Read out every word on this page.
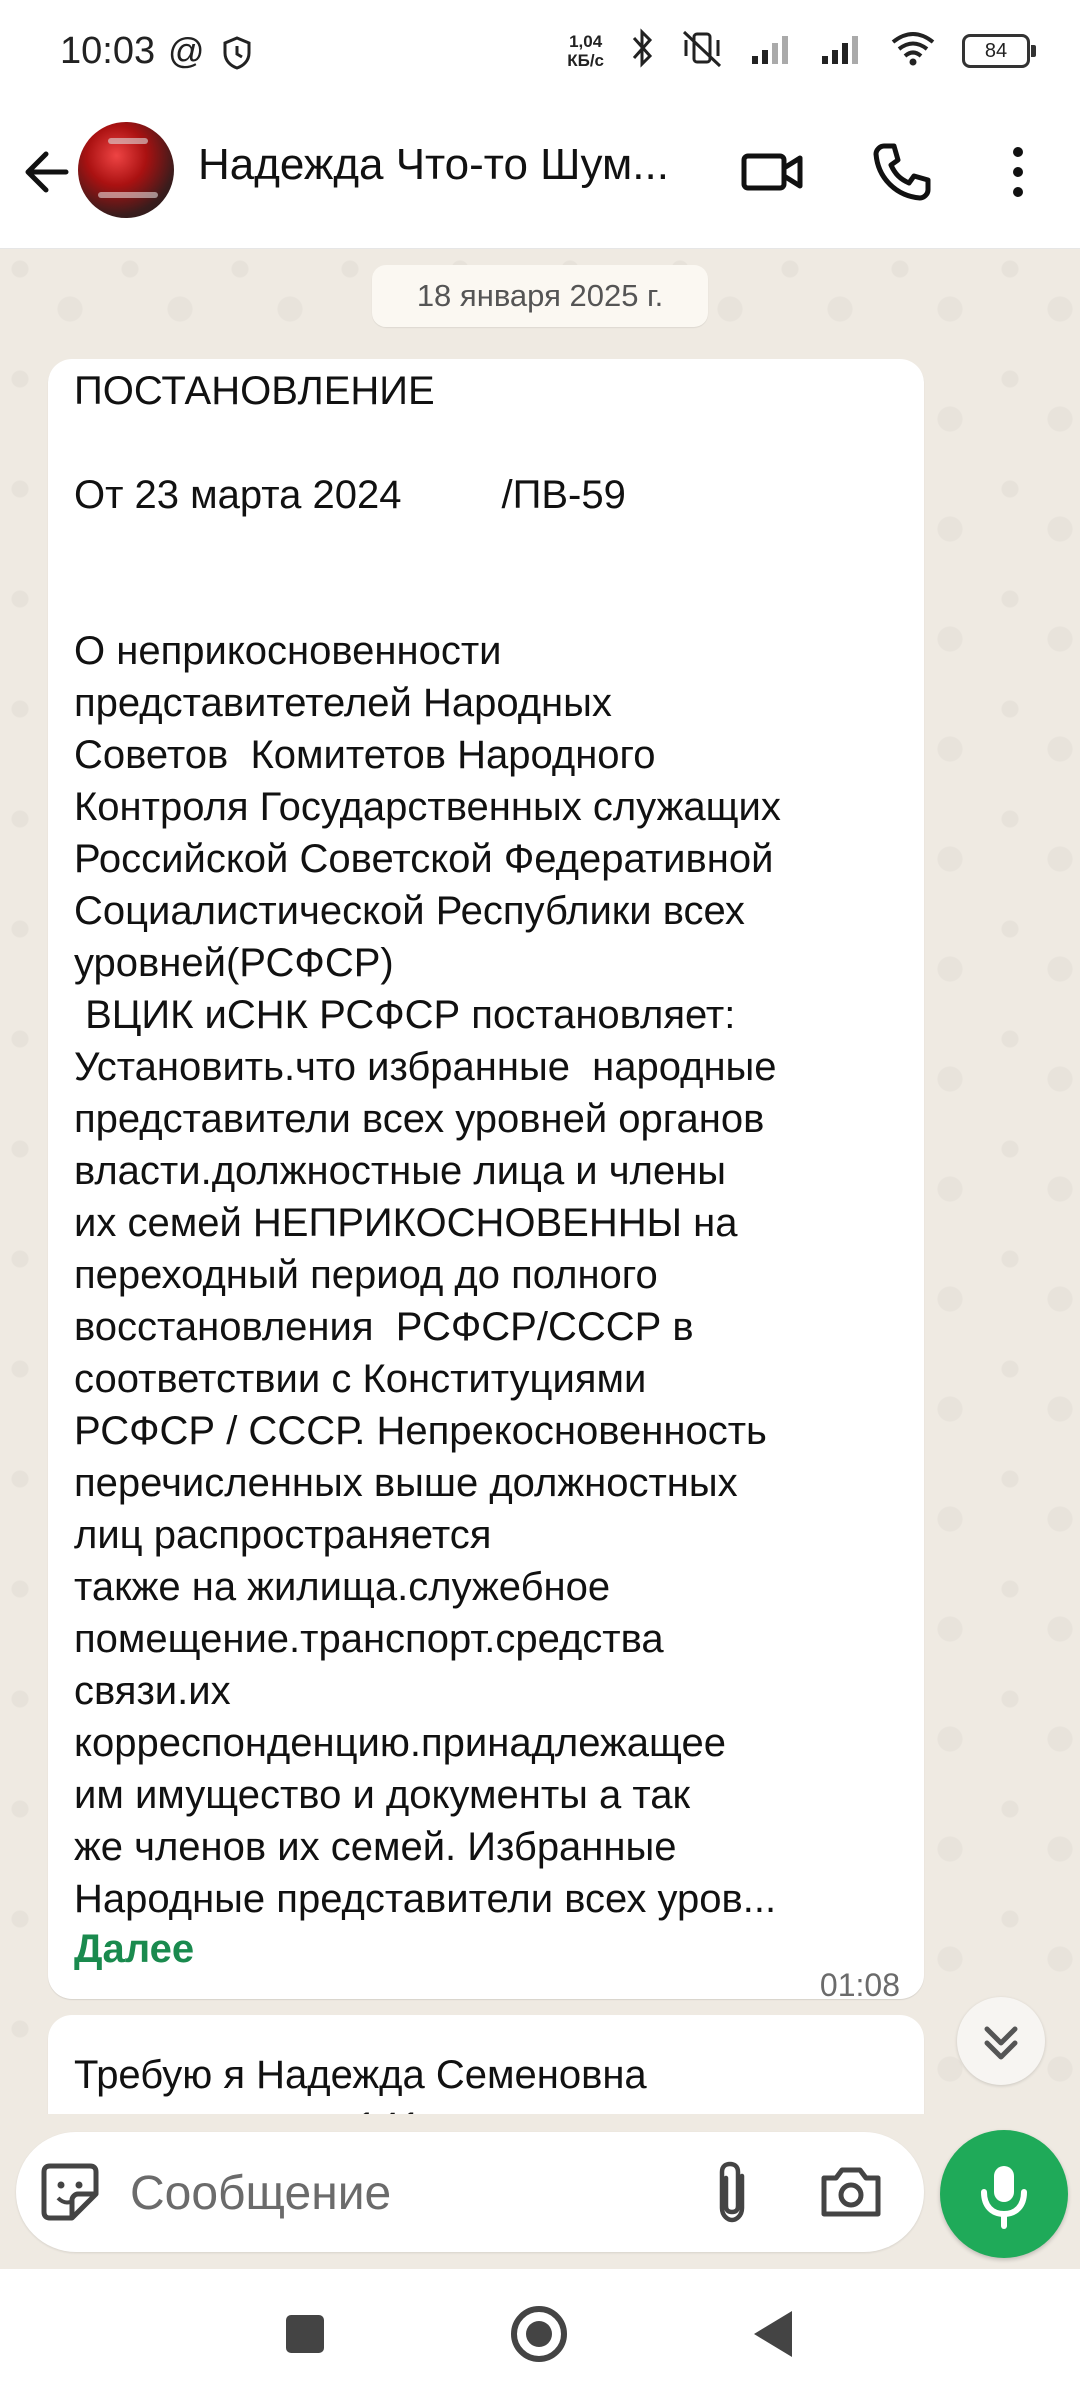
10:03 @	1,04
КБ/с	84
Надежда Что-то Шум...
18 января 2025 г.
ПОСТАНОВЛЕНИЕ

От 23 марта 2024         /ПВ-59

О неприкосновенности
представитетелей Народных
Советов  Комитетов Народного
Контроля Государственных служащих
Российской Советской Федеративной
Социалистической Республики всех
уровней(РСФСР)
ВЦИК иСНК РСФСР постановляет:
Установить.что избранные  народные
представители всех уровней органов
власти.должностные лица и члены
их семей НЕПРИКОСНОВЕННЫ на
переходный период до полного
восстановления  РСФСР/СССР в
соответствии с Конституциями
РСФСР / СССР. Непрекосновенность
перечисленных выше должностных
лиц распространяется
также на жилища.служебное
помещение.транспорт.средства
связи.их
корреспонденцию.принадлежащее
им имущество и документы а так
же членов их семей. Избранные
Народные представители всех уров...
Далее
01:08
Требую я Надежда Семеновна

Сообщение
